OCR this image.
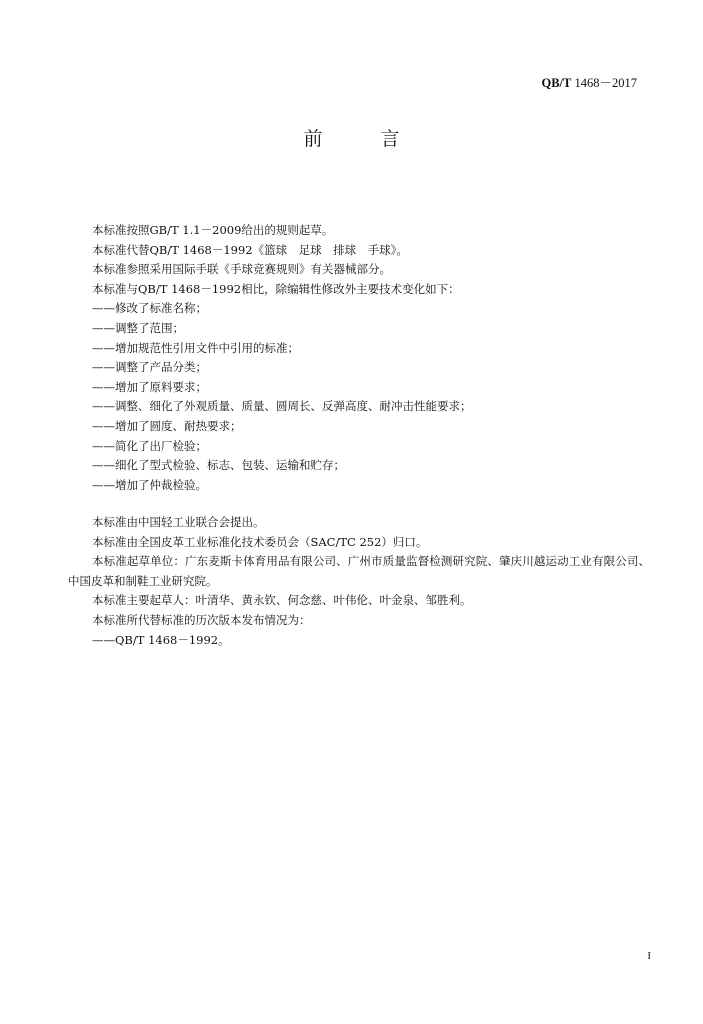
QB/T 1468－2017
前 言

本标准按照GB/T 1.1－2009给出的规则起草。

本标准代替QB/T 1468－1992《篮球　足球　排球　手球》。

本标准参照采用国际手联《手球竞赛规则》有关器械部分。

本标准与QB/T 1468－1992相比，除编辑性修改外主要技术变化如下：

——修改了标准名称；

——调整了范围；

——增加规范性引用文件中引用的标准；

——调整了产品分类；

——增加了原料要求；

——调整、细化了外观质量、质量、圆周长、反弹高度、耐冲击性能要求；

——增加了圆度、耐热要求；

——简化了出厂检验；

——细化了型式检验、标志、包装、运输和贮存；

——增加了仲裁检验。

本标准由中国轻工业联合会提出。

本标准由全国皮革工业标准化技术委员会（SAC/TC 252）归口。

本标准起草单位：广东麦斯卡体育用品有限公司、广州市质量监督检测研究院、肇庆川越运动工业有限公司、中国皮革和制鞋工业研究院。

本标准主要起草人：叶清华、黄永钦、何念慈、叶伟伦、叶金泉、邹胜利。

本标准所代替标准的历次版本发布情况为：

——QB/T 1468－1992。

I
